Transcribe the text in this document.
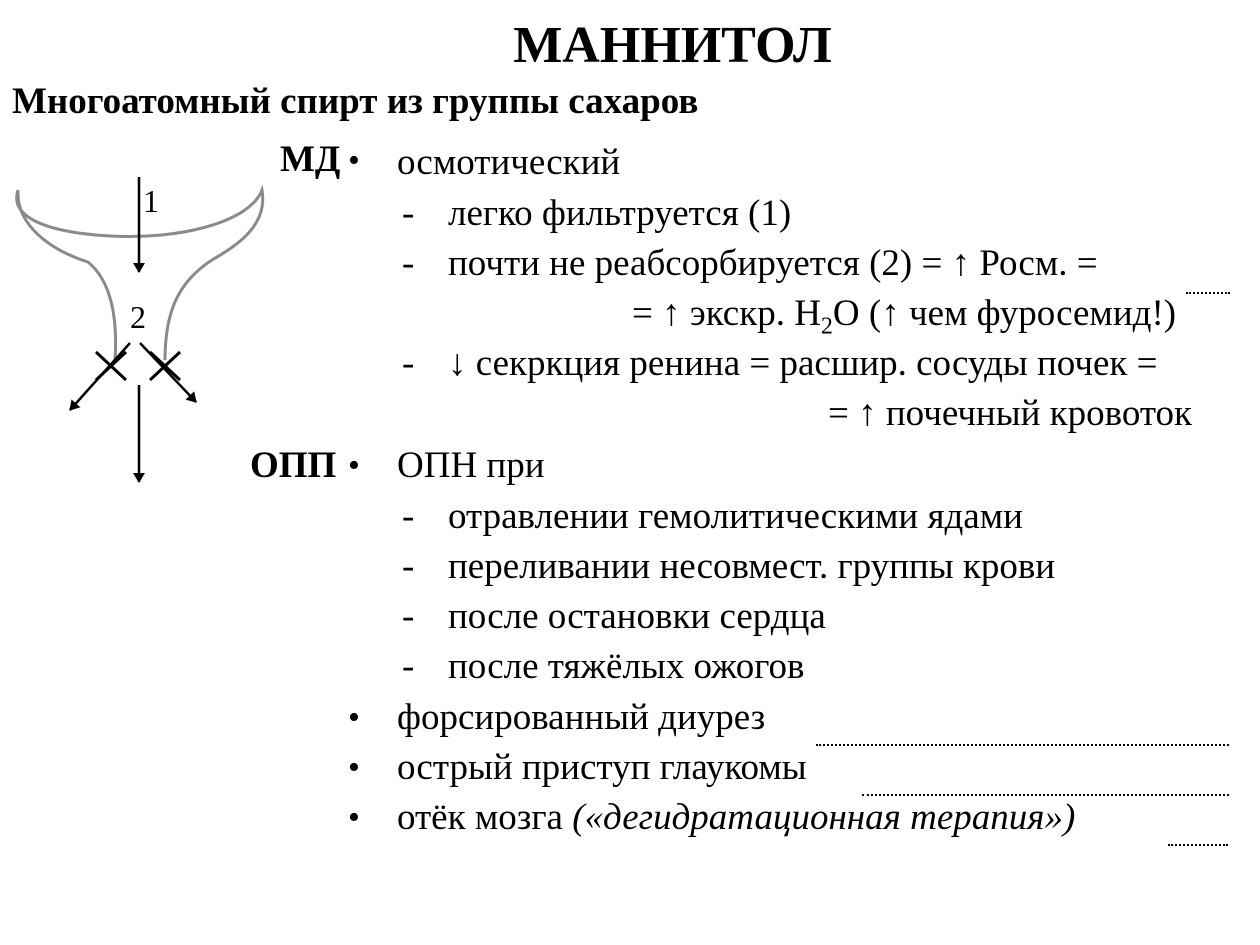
МАННИТОЛ
Многоатомный спирт из группы сахаров
1
2
МД • осмотический
- легко фильтруется (1)
- почти не реабсорбируется (2) = ↑ Росм. =
= ↑ экскр. $H_2O$ (↑ чем фуросемид!)
- ↓ секркция ренина = расшир. сосуды почек =
= ↑ почечный кровоток
ОПП • ОПН при
- отравлении гемолитическими ядами
- переливании несовмест. группы крови
- после остановки сердца
- после тяжёлых ожогов
• форсированный диурез
• острый приступ глаукомы
• отёк мозга («дегидратационная терапия»)
